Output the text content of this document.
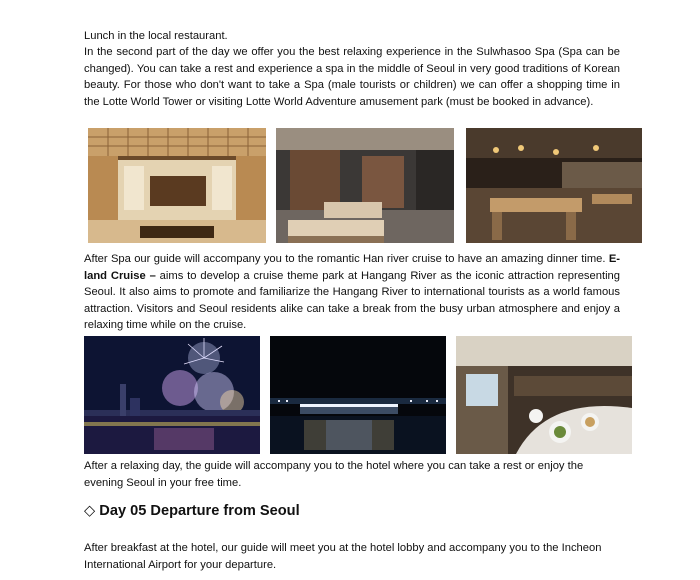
Lunch in the local restaurant.
In the second part of the day we offer you the best relaxing experience in the Sulwhasoo Spa (Spa can be changed). You can take a rest and experience a spa in the middle of Seoul in very good traditions of Korean beauty. For those who don't want to take a Spa (male tourists or children) we can offer a shopping time in the Lotte World Tower or visiting Lotte World Adventure amusement park (must be booked in advance).
After Spa our guide will accompany you to the romantic Han river cruise to have an amazing dinner time. E-land Cruise – aims to develop a cruise theme park at Hangang River as the iconic attraction representing Seoul. It also aims to promote and familiarize the Hangang River to international tourists as a world famous attraction. Visitors and Seoul residents alike can take a break from the busy urban atmosphere and enjoy a relaxing time while on the cruise.
After a relaxing day, the guide will accompany you to the hotel where you can take a rest or enjoy the evening Seoul in your free time.
◇ Day 05 Departure from Seoul
After breakfast at the hotel, our guide will meet you at the hotel lobby and accompany you to the Incheon International Airport for your departure.
